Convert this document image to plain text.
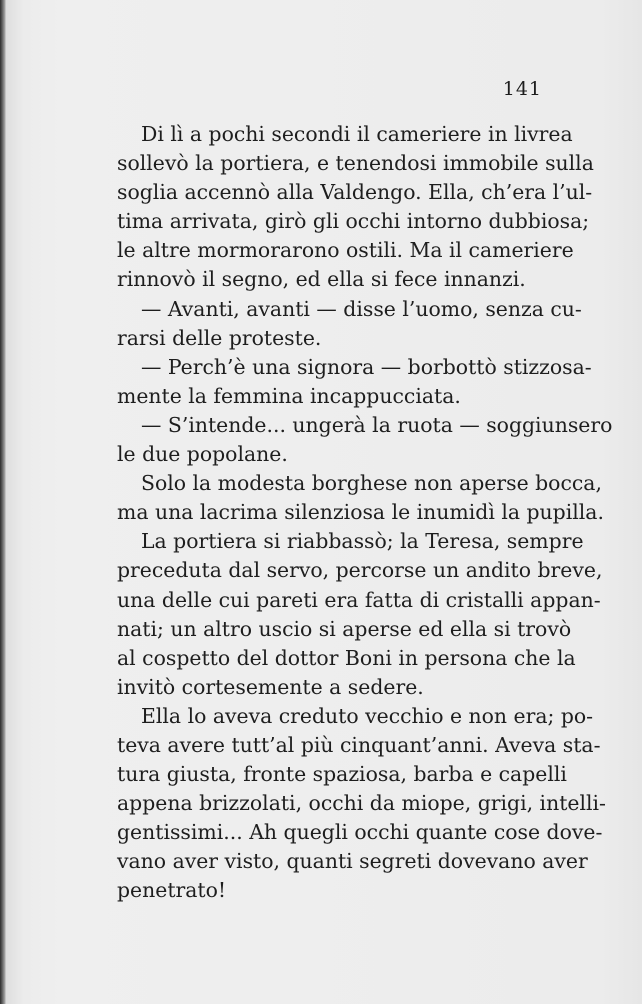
141
Di lì a pochi secondi il cameriere in livrea
sollevò la portiera, e tenendosi immobile sulla
soglia accennò alla Valdengo. Ella, ch’era l’ul-
tima arrivata, girò gli occhi intorno dubbiosa;
le altre mormorarono ostili. Ma il cameriere
rinnovò il segno, ed ella si fece innanzi.
— Avanti, avanti — disse l’uomo, senza cu-
rarsi delle proteste.
— Perch’è una signora — borbottò stizzosa-
mente la femmina incappucciata.
— S’intende... ungerà la ruota — soggiunsero
le due popolane.
Solo la modesta borghese non aperse bocca,
ma una lacrima silenziosa le inumidì la pupilla.
La portiera si riabbassò; la Teresa, sempre
preceduta dal servo, percorse un andito breve,
una delle cui pareti era fatta di cristalli appan-
nati; un altro uscio si aperse ed ella si trovò
al cospetto del dottor Boni in persona che la
invitò cortesemente a sedere.
Ella lo aveva creduto vecchio e non era; po-
teva avere tutt’al più cinquant’anni. Aveva sta-
tura giusta, fronte spaziosa, barba e capelli
appena brizzolati, occhi da miope, grigi, intelli-
gentissimi... Ah quegli occhi quante cose dove-
vano aver visto, quanti segreti dovevano aver
penetrato!
